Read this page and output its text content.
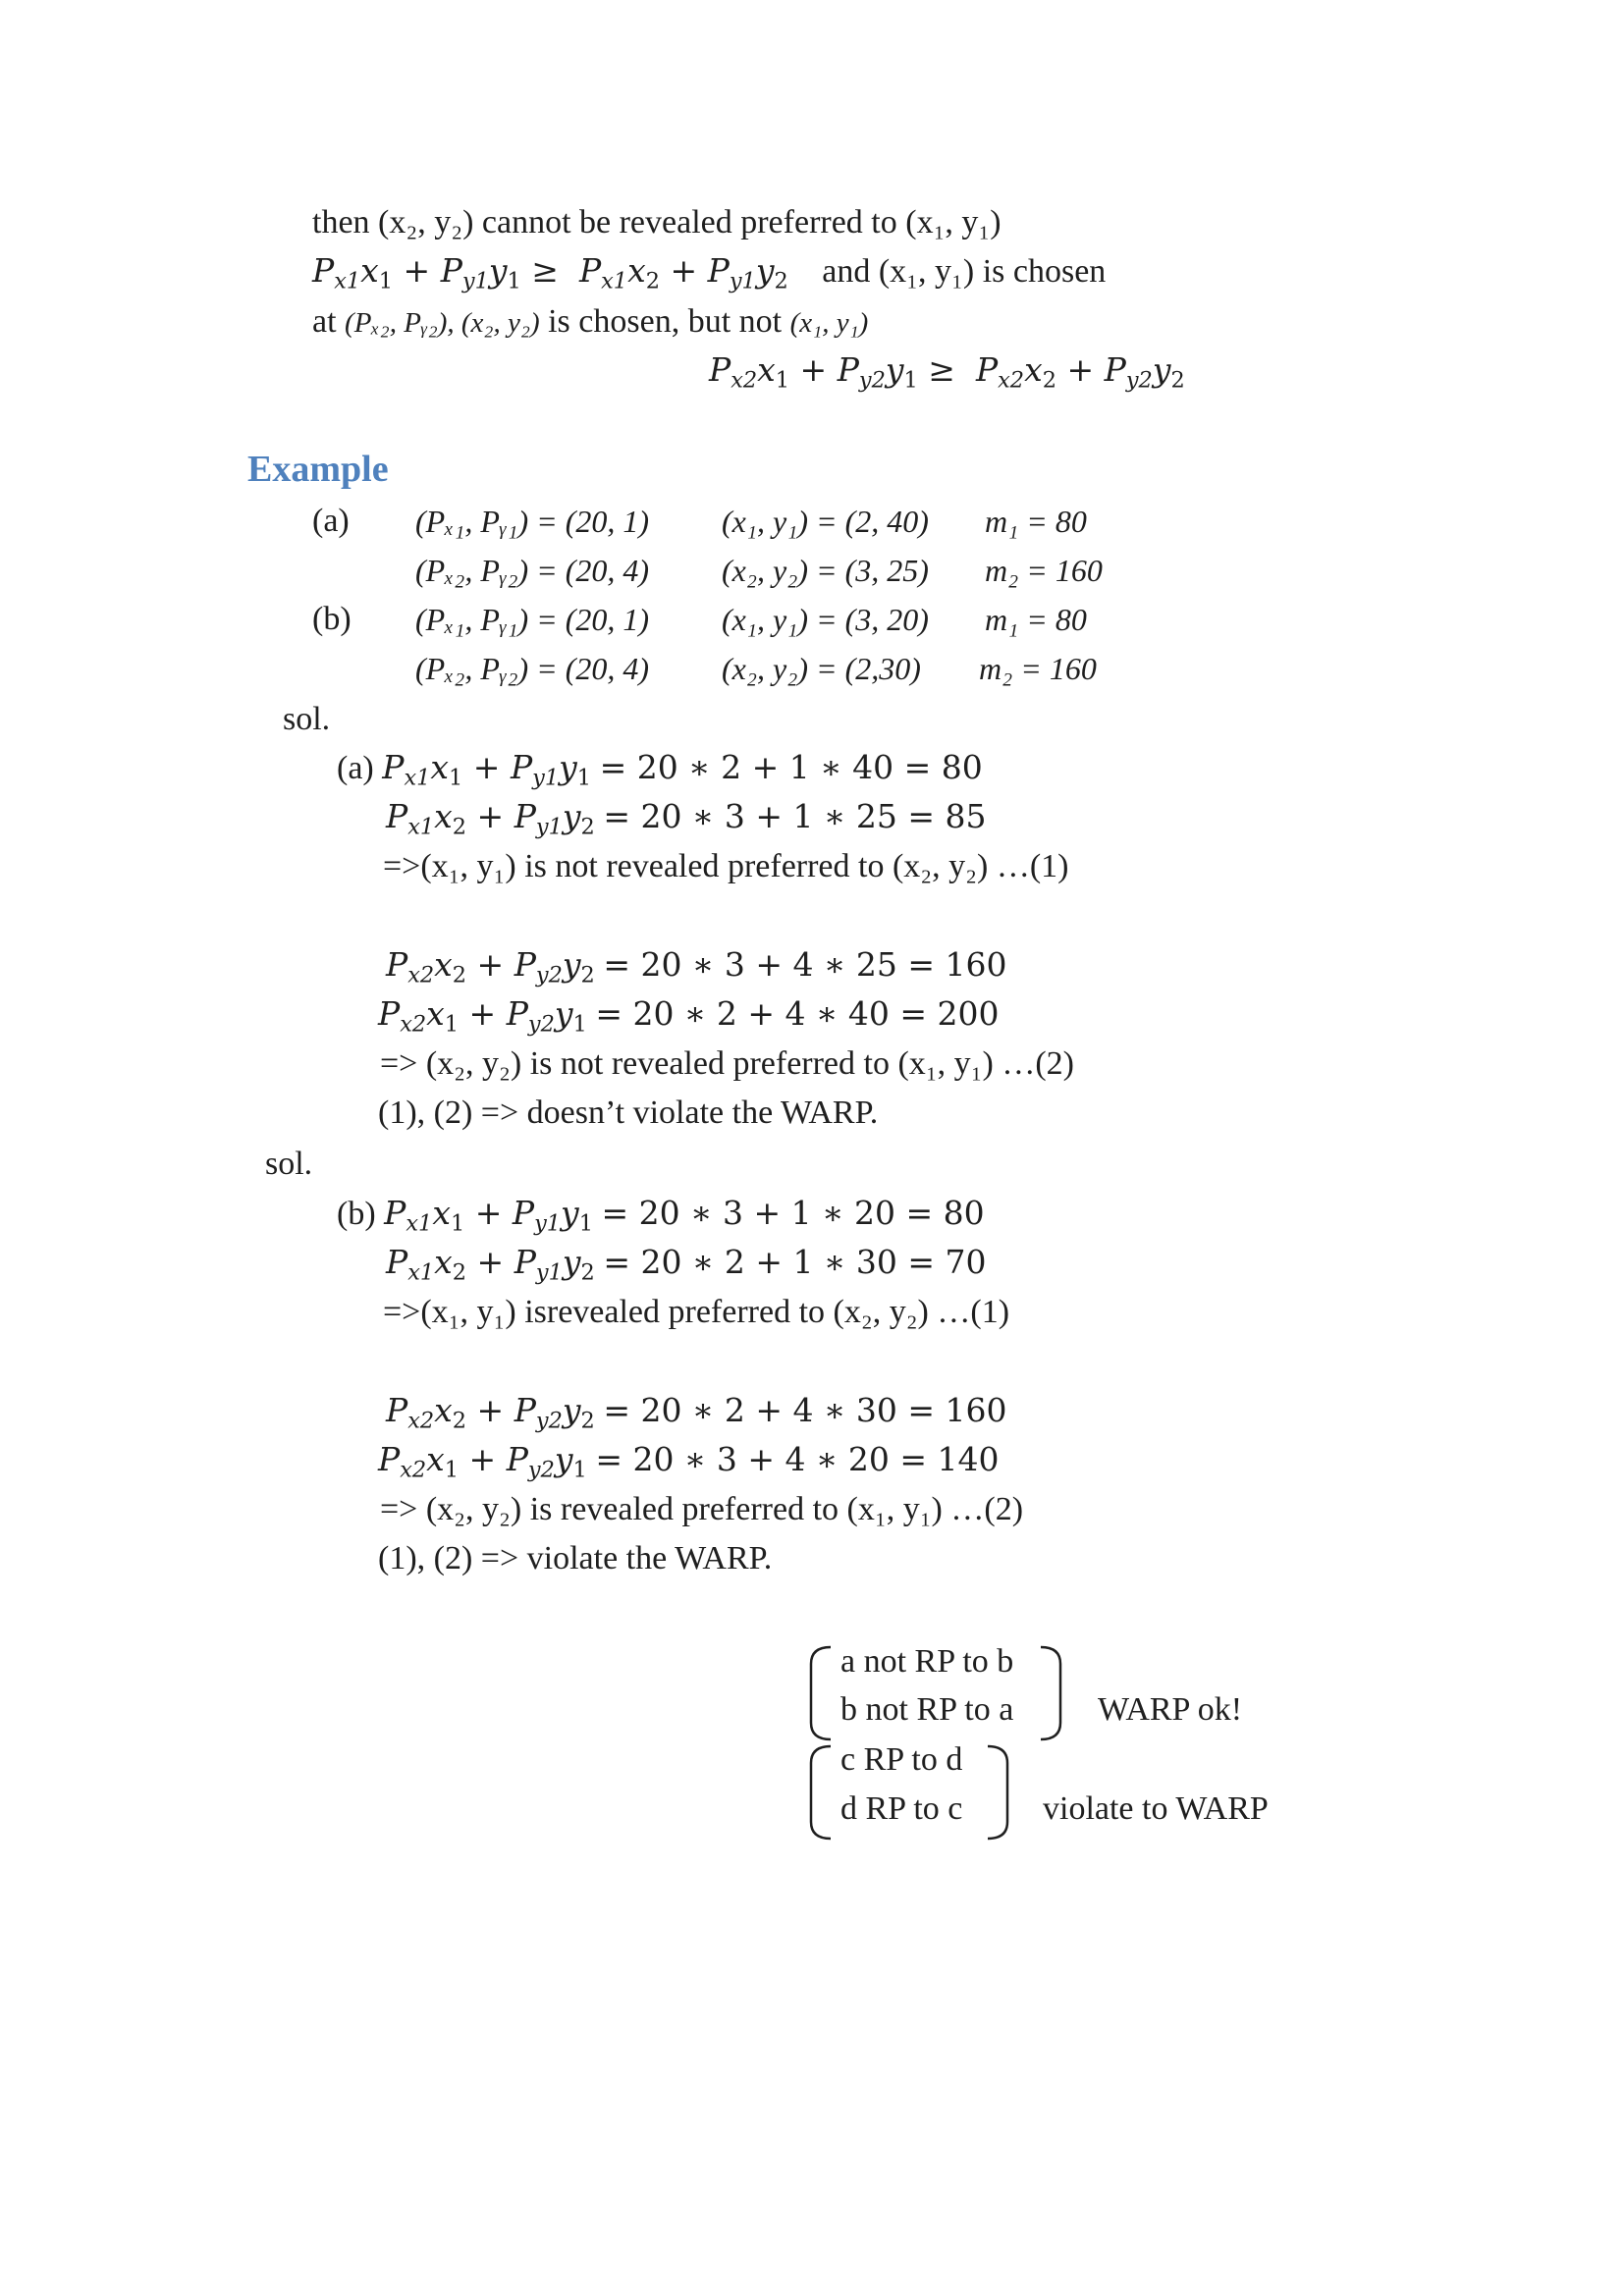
then (x₂, y₂) cannot be revealed preferred to (x₁, y₁)
Px1x1 + Py1y1 ≥  Px1x2 + Py1y2 and (x₁, y₁) is chosen
at (Pₓ₂, Pᵧ₂), (x₂, y₂) is chosen, but not (x₁, y₁)
Px2x1 + Py2y1 ≥  Px2x2 + Py2y2
Example
(a)
(b)
(Pₓ₁, Pᵧ₁) = (20, 1) (x₁, y₁) = (2, 40) m₁ = 80
(Pₓ₂, Pᵧ₂) = (20, 4) (x₂, y₂) = (3, 25) m₂ = 160
(Pₓ₁, Pᵧ₁) = (20, 1) (x₁, y₁) = (3, 20) m₁ = 80
(Pₓ₂, Pᵧ₂) = (20, 4) (x₂, y₂) = (2,30) m₂ = 160
sol.
(a) Px1x1 + Py1y1 = 20 ∗ 2 + 1 ∗ 40 = 80
Px1x2 + Py1y2 = 20 ∗ 3 + 1 ∗ 25 = 85
=>(x₁, y₁) is not revealed preferred to (x₂, y₂) …(1)
Px2x2 + Py2y2 = 20 ∗ 3 + 4 ∗ 25 = 160
Px2x1 + Py2y1 = 20 ∗ 2 + 4 ∗ 40 = 200
=> (x₂, y₂) is not revealed preferred to (x₁, y₁) …(2)
(1), (2) => doesn’t violate the WARP.
sol.
(b) Px1x1 + Py1y1 = 20 ∗ 3 + 1 ∗ 20 = 80
Px1x2 + Py1y2 = 20 ∗ 2 + 1 ∗ 30 = 70
=>(x₁, y₁) isrevealed preferred to (x₂, y₂) …(1)
Px2x2 + Py2y2 = 20 ∗ 2 + 4 ∗ 30 = 160
Px2x1 + Py2y1 = 20 ∗ 3 + 4 ∗ 20 = 140
=> (x₂, y₂) is revealed preferred to (x₁, y₁) …(2)
(1), (2) => violate the WARP.
a not RP to b
b not RP to a	WARP ok!
c RP to d
d RP to c violate to WARP
